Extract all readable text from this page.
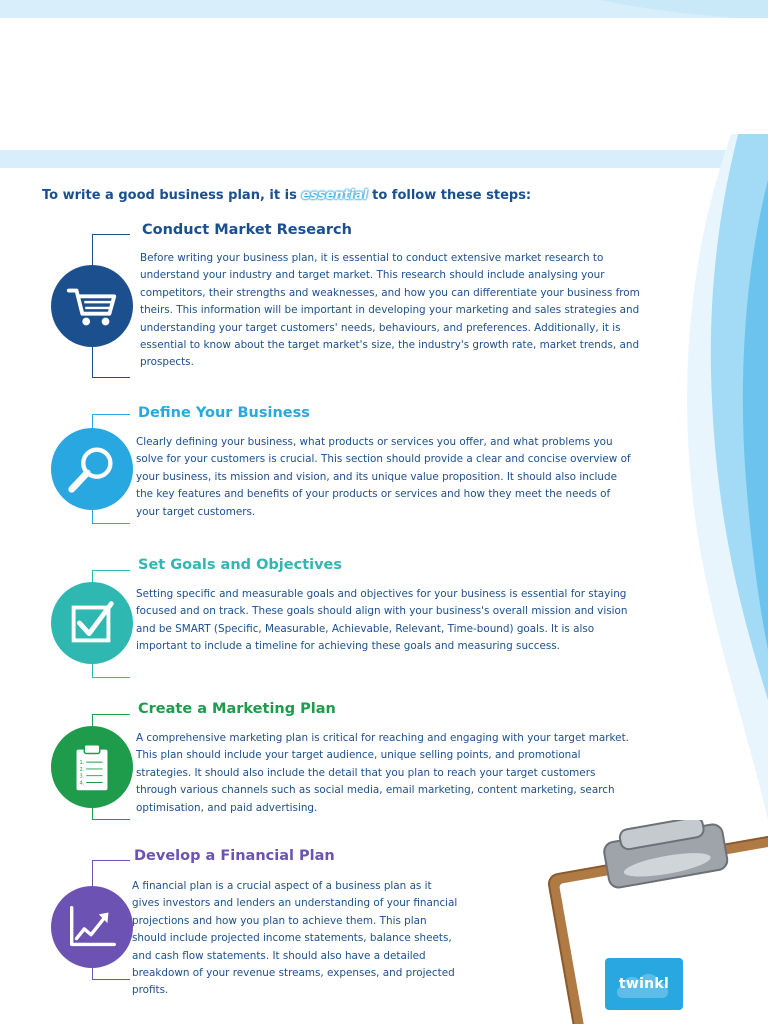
To write a good business plan, it is essential to follow these steps:

Conduct Market Research

Before writing your business plan, it is essential to conduct extensive market research to understand your industry and target market. This research should include analysing your competitors, their strengths and weaknesses, and how you can differentiate your business from theirs. This information will be important in developing your marketing and sales strategies and understanding your target customers' needs, behaviours, and preferences. Additionally, it is essential to know about the target market's size, the industry's growth rate, market trends, and prospects.

Define Your Business

Clearly defining your business, what products or services you offer, and what problems you solve for your customers is crucial. This section should provide a clear and concise overview of your business, its mission and vision, and its unique value proposition. It should also include the key features and benefits of your products or services and how they meet the needs of your target customers.

Set Goals and Objectives

Setting specific and measurable goals and objectives for your business is essential for staying focused and on track. These goals should align with your business's overall mission and vision and be SMART (Specific, Measurable, Achievable, Relevant, Time-bound) goals. It is also important to include a timeline for achieving these goals and measuring success.

1.
2.
3.
4.
Create a Marketing Plan

A comprehensive marketing plan is critical for reaching and engaging with your target market. This plan should include your target audience, unique selling points, and promotional strategies. It should also include the detail that you plan to reach your target customers through various channels such as social media, email marketing, content marketing, search optimisation, and paid advertising.

Develop a Financial Plan

A financial plan is a crucial aspect of a business plan as it gives investors and lenders an understanding of your financial projections and how you plan to achieve them. This plan should include projected income statements, balance sheets, and cash flow statements. It should also have a detailed breakdown of your revenue streams, expenses, and projected profits.	twinkl
